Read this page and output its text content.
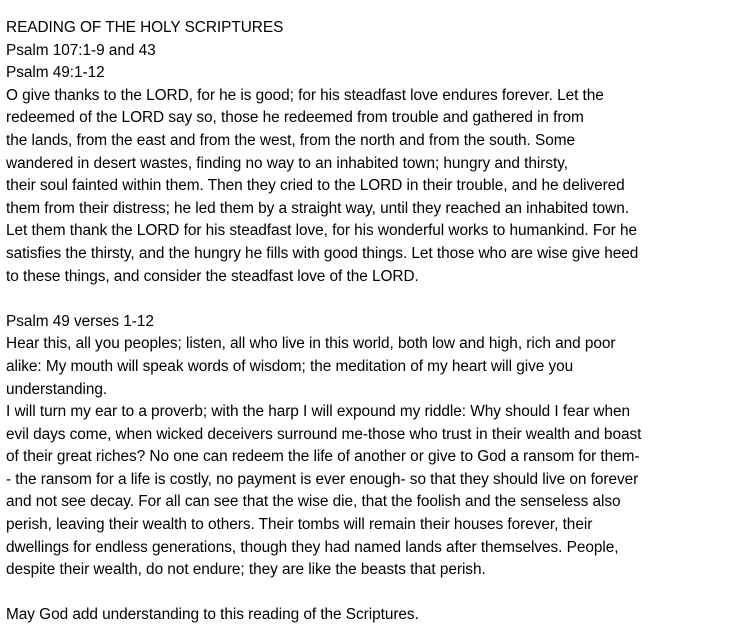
READING OF THE HOLY SCRIPTURES
Psalm 107:1-9 and 43
Psalm 49:1-12
O give thanks to the LORD, for he is good; for his steadfast love endures forever. Let the
redeemed of the LORD say so, those he redeemed from trouble and gathered in from
the lands, from the east and from the west, from the north and from the south. Some
wandered in desert wastes, finding no way to an inhabited town; hungry and thirsty,
their soul fainted within them. Then they cried to the LORD in their trouble, and he delivered
them from their distress; he led them by a straight way, until they reached an inhabited town.
Let them thank the LORD for his steadfast love, for his wonderful works to humankind. For he
satisfies the thirsty, and the hungry he fills with good things. Let those who are wise give heed
to these things, and consider the steadfast love of the LORD.
Psalm 49 verses 1-12
Hear this, all you peoples; listen, all who live in this world, both low and high, rich and poor
alike: My mouth will speak words of wisdom; the meditation of my heart will give you
understanding.
I will turn my ear to a proverb; with the harp I will expound my riddle: Why should I fear when
evil days come, when wicked deceivers surround me-those who trust in their wealth and boast
of their great riches? No one can redeem the life of another or give to God a ransom for them-
- the ransom for a life is costly, no payment is ever enough- so that they should live on forever
and not see decay. For all can see that the wise die, that the foolish and the senseless also
perish, leaving their wealth to others. Their tombs will remain their houses forever, their
dwellings for endless generations, though they had named lands after themselves. People,
despite their wealth, do not endure; they are like the beasts that perish.
May God add understanding to this reading of the Scriptures.
